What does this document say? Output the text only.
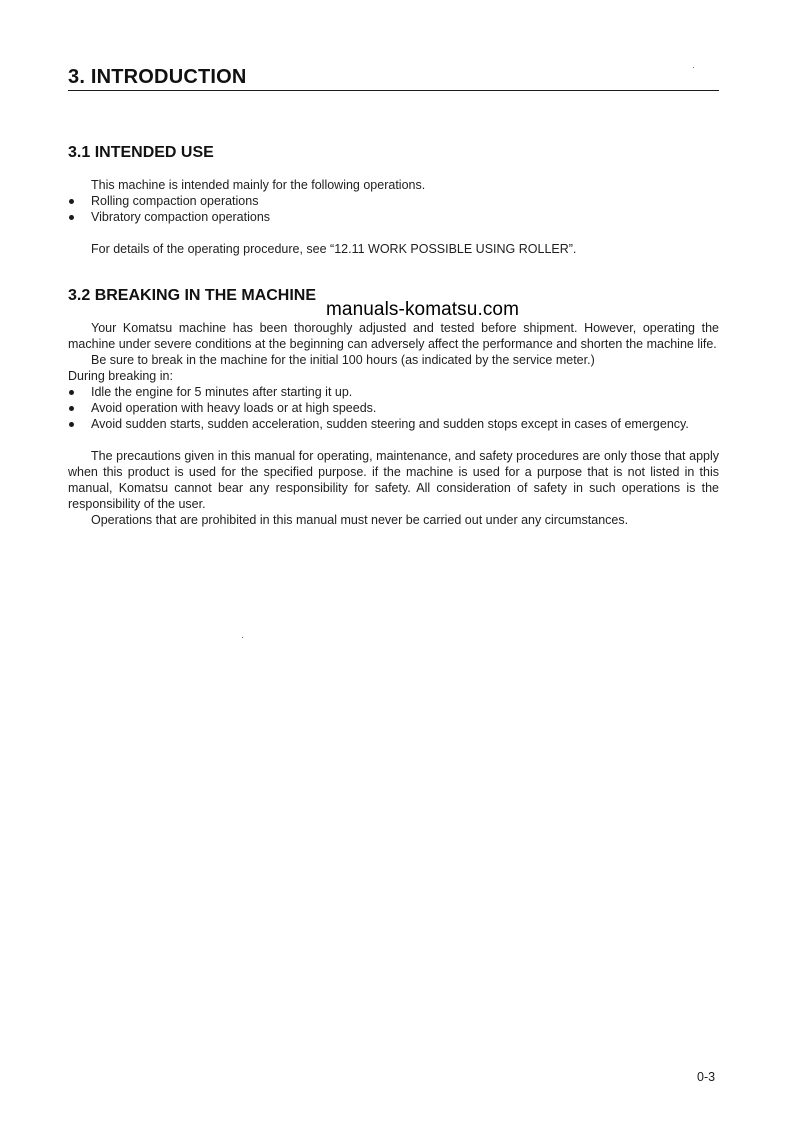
3. INTRODUCTION
3.1 INTENDED USE

This machine is intended mainly for the following operations.

Rolling compaction operations
Vibratory compaction operations

For details of the operating procedure, see “12.11 WORK POSSIBLE USING ROLLER”.

3.2 BREAKING IN THE MACHINE

Your Komatsu machine has been thoroughly adjusted and tested before shipment. However, operating the machine under severe conditions at the beginning can adversely affect the performance and shorten the machine life.

Be sure to break in the machine for the initial 100 hours (as indicated by the service meter.)

During breaking in:

Idle the engine for 5 minutes after starting it up.
Avoid operation with heavy loads or at high speeds.
Avoid sudden starts, sudden acceleration, sudden steering and sudden stops except in cases of emergency.

The precautions given in this manual for operating, maintenance, and safety procedures are only those that apply when this product is used for the specified purpose. if the machine is used for a purpose that is not listed in this manual, Komatsu cannot bear any responsibility for safety. All consideration of safety in such operations is the responsibility of the user.

Operations that are prohibited in this manual must never be carried out under any circumstances.

manuals-komatsu.com
0-3
